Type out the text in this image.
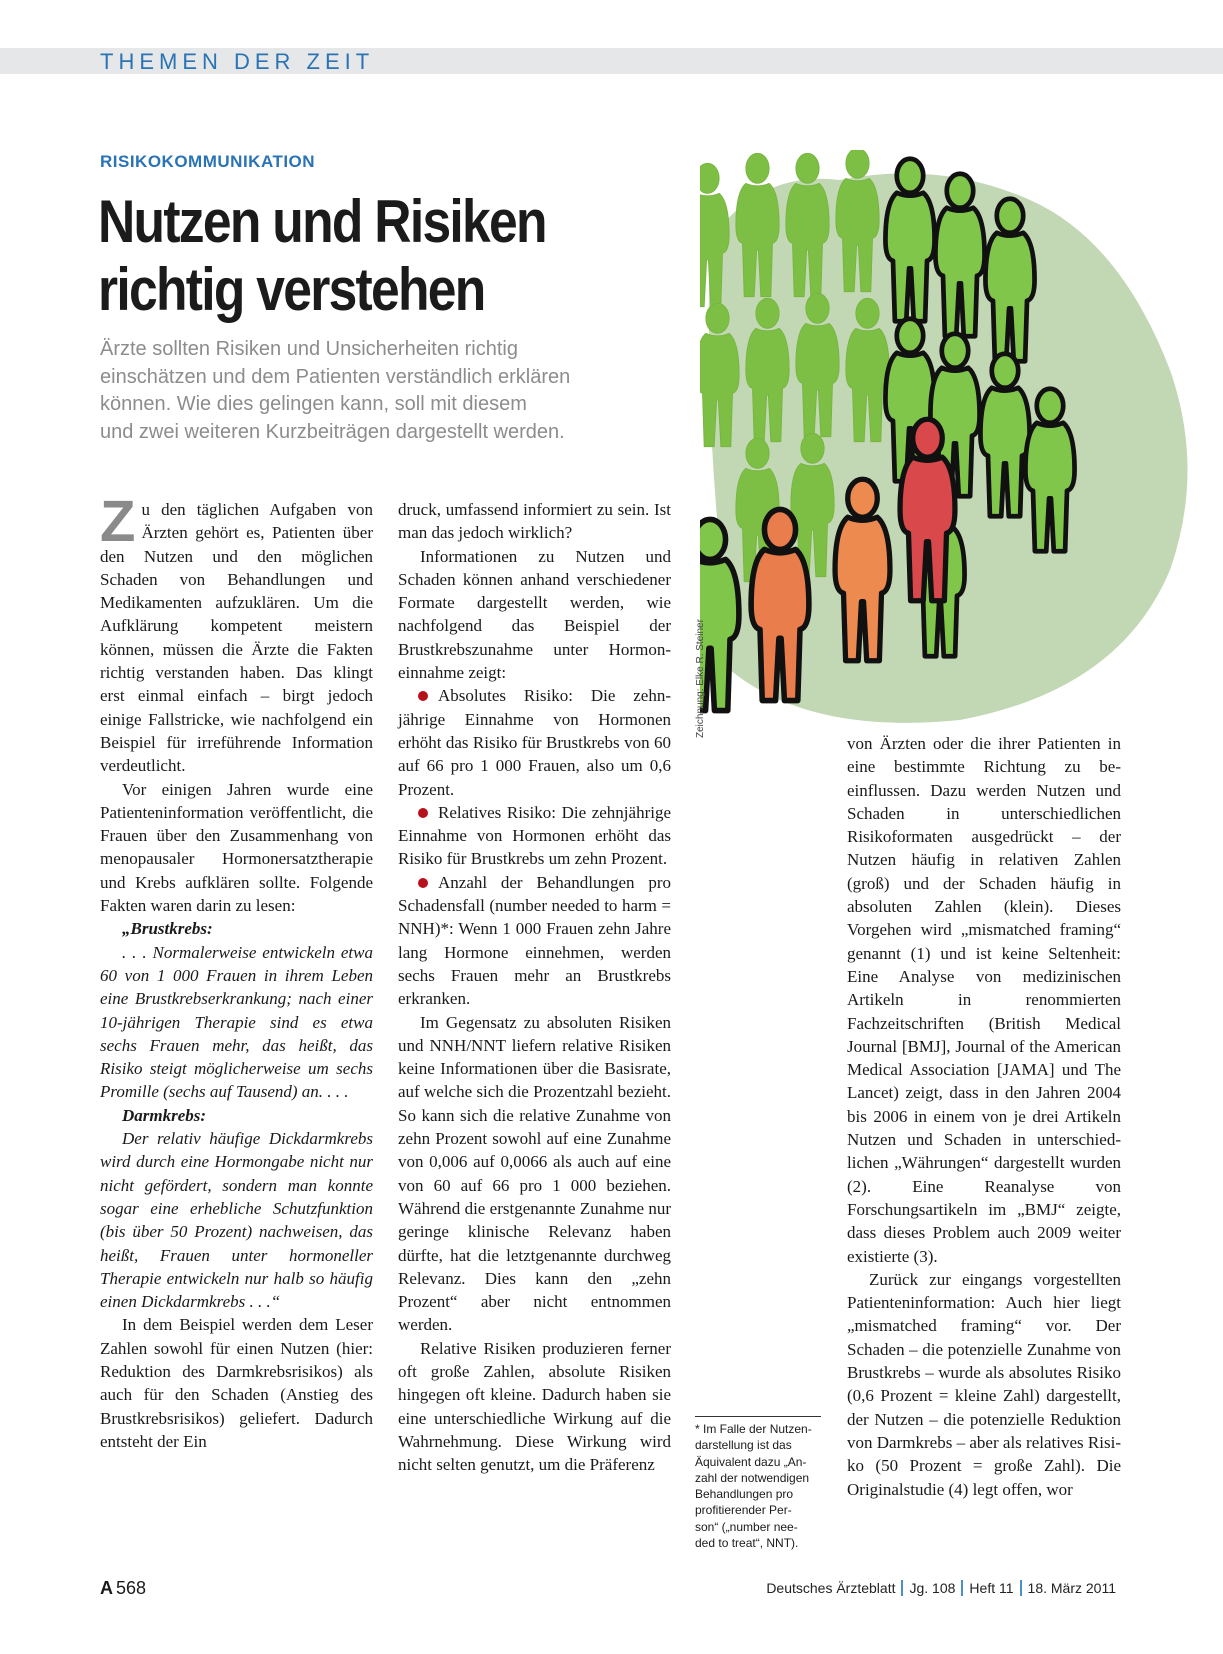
THEMEN DER ZEIT
RISIKOKOMMUNIKATION
Nutzen und Risiken
richtig verstehen
Ärzte sollten Risiken und Unsicherheiten richtig
einschätzen und dem Patienten verständlich erklären
können. Wie dies gelingen kann, soll mit diesem
und zwei weiteren Kurzbeiträgen dargestellt werden.
Zeichnung: Elke R. Steiner

Zu den täglichen Aufgaben von Ärzten gehört es, Patienten über den Nutzen und den möglichen Schaden von Behandlungen und Medikamenten aufzuklären. Um die Aufklärung kompetent meistern können, müssen die Ärzte die Fakten richtig verstanden haben. Das klingt erst einmal einfach – birgt jedoch einige Fallstricke, wie nachfolgend ein Beispiel für irreführende Information verdeutlicht.

Vor einigen Jahren wurde eine Patienteninformation veröffentlicht, die Frauen über den Zusammenhang von menopausaler Hormonersatztherapie und Krebs aufklären sollte. Folgende Fakten waren darin zu lesen:

„Brustkrebs:

. . . Normalerweise entwickeln etwa 60 von 1 000 Frauen in ihrem Leben eine Brustkrebserkrankung; nach einer 10-jährigen Therapie sind es etwa sechs Frauen mehr, das heißt, das Risiko steigt möglicherweise um sechs Promille (sechs auf Tausend) an. . . .

Darmkrebs:

Der relativ häufige Dickdarmkrebs wird durch eine Hormongabe nicht nur nicht gefördert, sondern man konnte sogar eine erhebliche Schutzfunktion (bis über 50 Prozent) nachweisen, das heißt, Frauen unter hormoneller Therapie entwickeln nur halb so häufig einen Dickdarmkrebs . . .“

In dem Beispiel werden dem Leser Zahlen sowohl für einen Nutzen (hier: Reduktion des Darmkrebsrisikos) als auch für den Schaden (Anstieg des Brustkrebsrisikos) geliefert. Dadurch entsteht der Ein

druck, umfassend informiert zu sein. Ist man das jedoch wirklich?

Informationen zu Nutzen und Schaden können anhand verschiedener Formate dargestellt werden, wie nachfolgend das Beispiel der Brustkrebszunahme unter Hormoneinnahme zeigt:

Absolutes Risiko: Die zehnjährige Einnahme von Hormonen erhöht das Risiko für Brustkrebs von 60 auf 66 pro 1 000 Frauen, also um 0,6 Prozent.

Relatives Risiko: Die zehnjährige Einnahme von Hormonen erhöht das Risiko für Brustkrebs um zehn Prozent.

Anzahl der Behandlungen pro Schadensfall (number needed to harm = NNH)*: Wenn 1 000 Frauen zehn Jahre lang Hormone einnehmen, werden sechs Frauen mehr an Brustkrebs erkranken.

Im Gegensatz zu absoluten Risiken und NNH/NNT liefern relative Risiken keine Informationen über die Basisrate, auf welche sich die Prozentzahl bezieht. So kann sich die relative Zunahme von zehn Prozent sowohl auf eine Zunahme von 0,006 auf 0,0066 als auch auf eine von 60 auf 66 pro 1 000 beziehen. Während die erstgenannte Zunahme nur geringe klinische Relevanz haben dürfte, hat die letztgenannte durchweg Relevanz. Dies kann den „zehn Prozent“ aber nicht entnommen werden.

Relative Risiken produzieren ferner oft große Zahlen, absolute Risiken hingegen oft kleine. Dadurch haben sie eine unterschiedliche Wirkung auf die Wahrnehmung. Diese Wirkung wird nicht selten genutzt, um die Präferenz

von Ärzten oder die ihrer Patienten in eine bestimmte Richtung zu beeinflussen. Dazu werden Nutzen und Schaden in unterschiedlichen Risikoformaten ausgedrückt – der Nutzen häufig in relativen Zahlen (groß) und der Schaden häufig in absoluten Zahlen (klein). Dieses Vorgehen wird „mismatched framing“ genannt (1) und ist keine Seltenheit: Eine Analyse von medizinischen Artikeln in renommierten Fachzeitschriften (British Medical Journal [BMJ], Journal of the American Medical Association [JAMA] und The Lancet) zeigt, dass in den Jahren 2004 bis 2006 in einem von je drei Artikeln Nutzen und Schaden in unterschiedlichen „Währungen“ dargestellt wurden (2). Eine Reanalyse von Forschungsartikeln im „BMJ“ zeigte, dass dieses Problem auch 2009 weiter existierte (3).

Zurück zur eingangs vorgestellten Patienteninformation: Auch hier liegt „mismatched framing“ vor. Der Schaden – die potenzielle Zunahme von Brustkrebs – wurde als absolutes Risiko (0,6 Prozent = kleine Zahl) dargestellt, der Nutzen – die potenzielle Reduktion von Darmkrebs – aber als relatives Risiko (50 Prozent = große Zahl). Die Originalstudie (4) legt offen, wor

* Im Falle der Nutzen-
darstellung ist das
Äquivalent dazu „An-
zahl der notwendigen
Behandlungen pro
profitierender Per-
son“ („number nee-
ded to treat“, NNT).
A 568	Deutsches Ärzteblatt Jg. 108 Heft 11 18. März 2011
